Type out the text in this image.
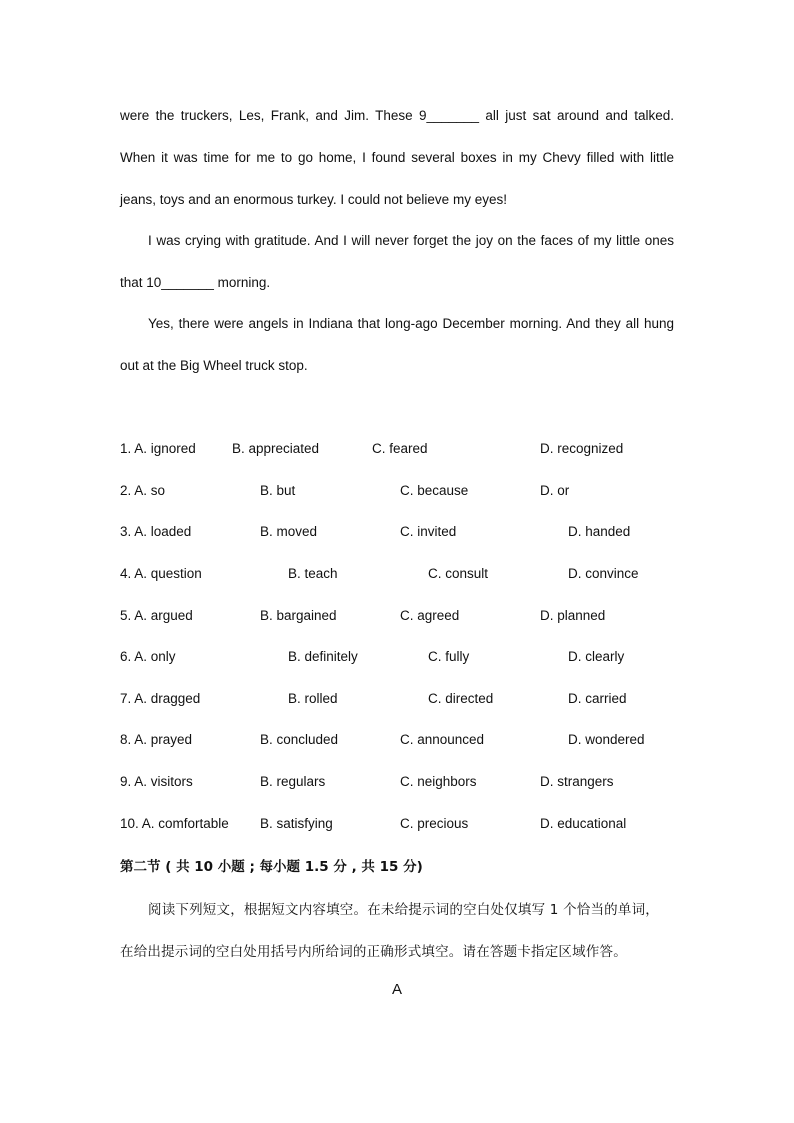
were the truckers, Les, Frank, and Jim. These 9_______ all just sat around and talked.
When it was time for me to go home, I found several boxes in my Chevy filled with little
jeans, toys and an enormous turkey. I could not believe my eyes!
I was crying with gratitude. And I will never forget the joy on the faces of my little ones
that 10_______ morning.
Yes, there were angels in Indiana that long-ago December morning. And they all hung
out at the Big Wheel truck stop.
1. A. ignored	B. appreciated	C. feared	D. recognized
2. A. so	B. but	C. because	D. or
3. A. loaded	B. moved	C. invited	D. handed
4. A. question	B. teach	C. consult	D. convince
5. A. argued	B. bargained	C. agreed	D. planned
6. A. only	B. definitely	C. fully	D. clearly
7. A. dragged	B. rolled	C. directed	D. carried
8. A. prayed	B. concluded	C. announced	D. wondered
9. A. visitors	B. regulars	C. neighbors	D. strangers
10. A. comfortable B. satisfying	C. precious	D. educational
第二节 ( 共 10 小题 ; 每小题 1.5 分 , 共 15 分)
阅读下列短文，根据短文内容填空。在未给提示词的空白处仅填写 1 个恰当的单词，
在给出提示词的空白处用括号内所给词的正确形式填空。请在答题卡指定区域作答。
A
